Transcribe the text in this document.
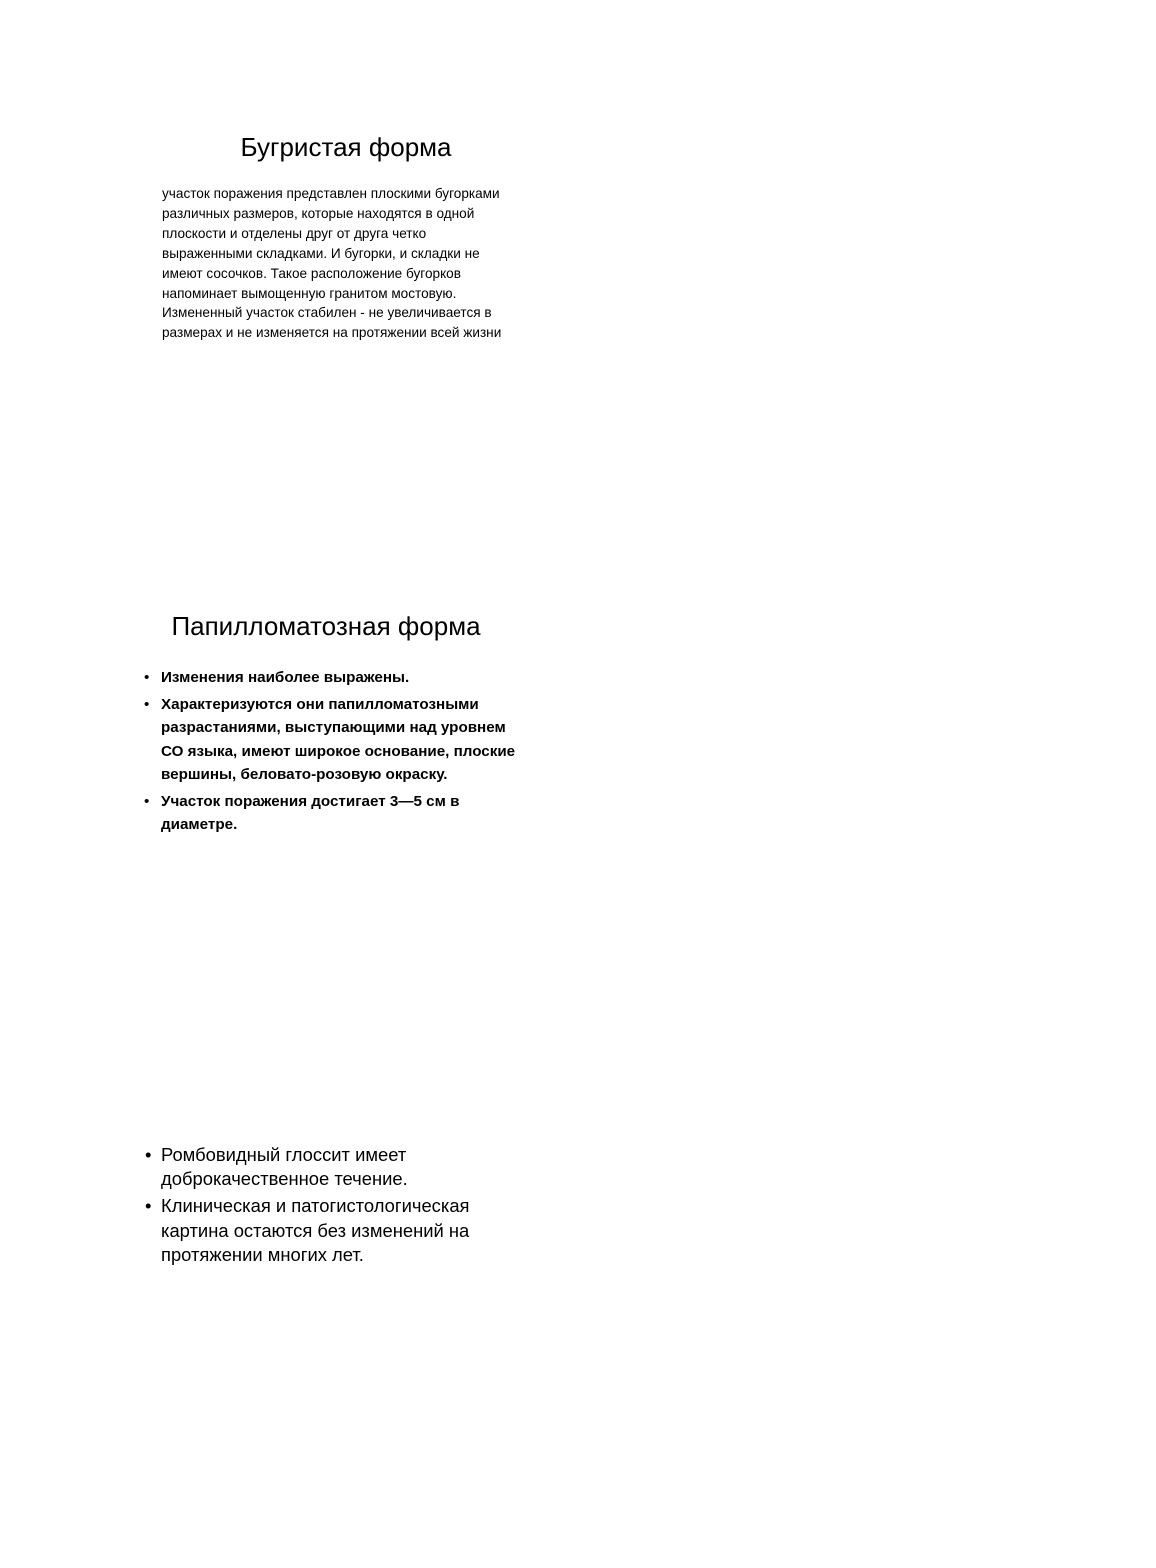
Бугристая форма

участок поражения представлен плоскими бугорками различных размеров, которые находятся в одной плоскости и отделены друг от друга четко выраженными складками. И бугорки, и складки не имеют сосочков. Такое расположение бугорков напоминает вымощенную гранитом мостовую. Измененный участок стабилен - не увеличивается в размерах и не изменяется на протяжении всей жизни

Папилломатозная форма
• Изменения наиболее выражены.
• Характеризуются они папилломатозными разрастаниями, выступающими над уровнем СО языка, имеют широкое основание, плоские вершины, беловато-розовую окраску.
• Участок поражения достигает 3—5 см в диаметре.
• Ромбовидный глоссит имеет доброкачественное течение.
• Клиническая и патогистологическая картина остаются без изменений на протяжении многих лет.
